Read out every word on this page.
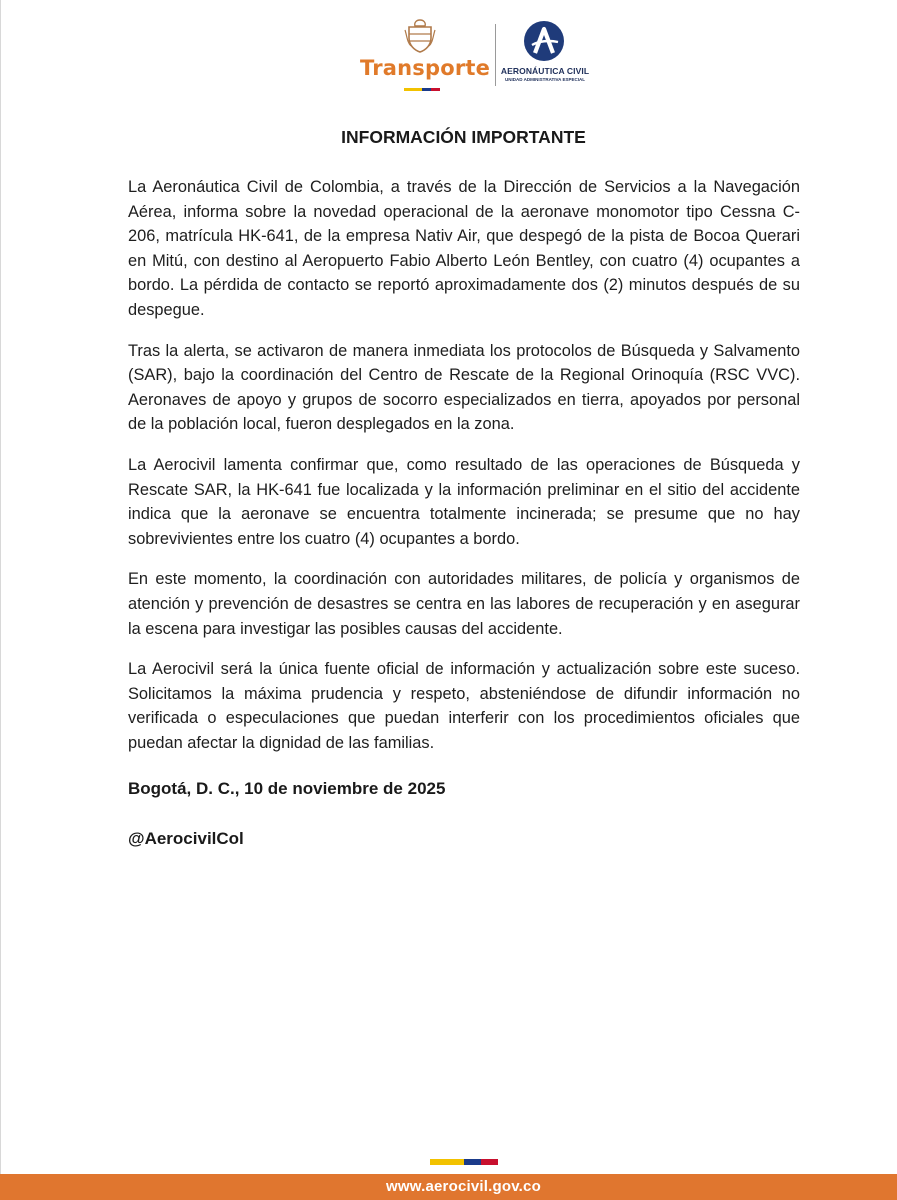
Transporte AERONÁUTICA CIVIL
UNIDAD ADMINISTRATIVA ESPECIAL
INFORMACIÓN IMPORTANTE

La Aeronáutica Civil de Colombia, a través de la Dirección de Servicios a la Navegación Aérea, informa sobre la novedad operacional de la aeronave monomotor tipo Cessna C-206, matrícula HK-641, de la empresa Nativ Air, que despegó de la pista de Bocoa Querari en Mitú, con destino al Aeropuerto Fabio Alberto León Bentley, con cuatro (4) ocupantes a bordo. La pérdida de contacto se reportó aproximadamente dos (2) minutos después de su despegue.

Tras la alerta, se activaron de manera inmediata los protocolos de Búsqueda y Salvamento (SAR), bajo la coordinación del Centro de Rescate de la Regional Orinoquía (RSC VVC). Aeronaves de apoyo y grupos de socorro especializados en tierra, apoyados por personal de la población local, fueron desplegados en la zona.

La Aerocivil lamenta confirmar que, como resultado de las operaciones de Búsqueda y Rescate SAR, la HK-641 fue localizada y la información preliminar en el sitio del accidente indica que la aeronave se encuentra totalmente incinerada; se presume que no hay sobrevivientes entre los cuatro (4) ocupantes a bordo.

En este momento, la coordinación con autoridades militares, de policía y organismos de atención y prevención de desastres se centra en las labores de recuperación y en asegurar la escena para investigar las posibles causas del accidente.

La Aerocivil será la única fuente oficial de información y actualización sobre este suceso. Solicitamos la máxima prudencia y respeto, absteniéndose de difundir información no verificada o especulaciones que puedan interferir con los procedimientos oficiales que puedan afectar la dignidad de las familias.

Bogotá, D. C., 10 de noviembre de 2025
@AerocivilCol
www.aerocivil.gov.co
